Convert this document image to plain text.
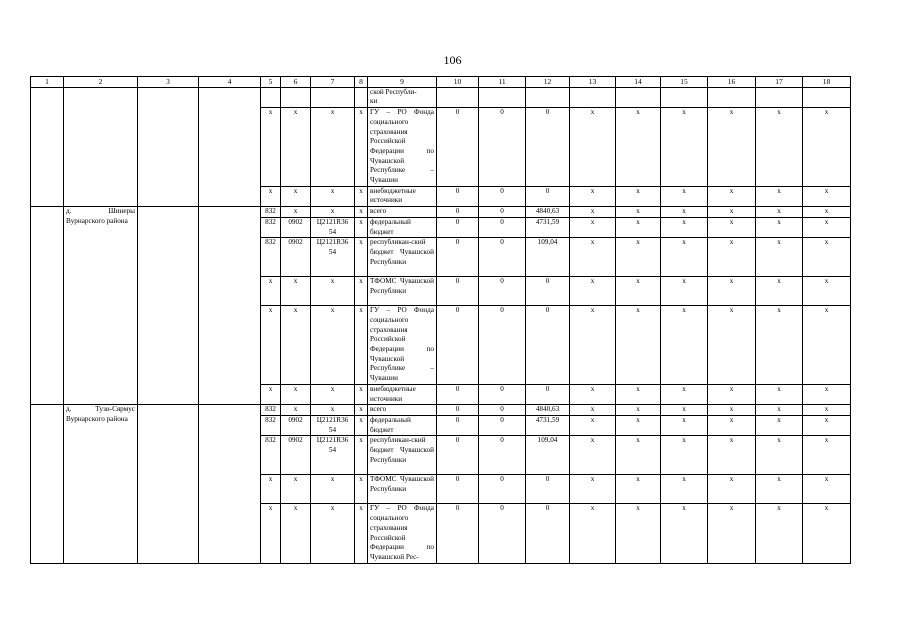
106
1	2	3	4	5	6	7	8	9	10	11	12	13	14	15	16	17	18
								ской Республи-
ки									
				x	x	x	x	ГУ – РО Фонда социального страхования Российской Федерации по Чувашской Республике – Чувашии	0	0	0	x	x	x	x	x	x
				x	x	x	x	внебюджетные источники	0	0	0	x	x	x	x	x	x
	д. Шинеры Вурнарского района			832	x	x	x	всего	0	0	4840,63	x	x	x	x	x	x
				832	0902	Ц2121R36
54	x	федеральный бюджет	0	0	4731,59	x	x	x	x	x	x
				832	0902	Ц2121R36
54	x	республикан-ский бюджет Чувашской Республики	0	0	109,04	x	x	x	x	x	x
				x	x	x	x	ТФОМС Чувашской Республики	0	0	0	x	x	x	x	x	x
				x	x	x	x	ГУ – РО Фонда социального страхования Российской Федерации по Чувашской Республике – Чувашии	0	0	0	x	x	x	x	x	x
				x	x	x	x	внебюджетные источники	0	0	0	x	x	x	x	x	x
	д. Тузи-Сярмус Вурнарского района			832	x	x	x	всего	0	0	4840,63	x	x	x	x	x	x
				832	0902	Ц2121R36
54	x	федеральный бюджет	0	0	4731,59	x	x	x	x	x	x
				832	0902	Ц2121R36
54	x	республикан-ский бюджет Чувашской Республики	0	0	109,04	x	x	x	x	x	x
				x	x	x	x	ТФОМС Чувашской Республики	0	0	0	x	x	x	x	x	x
				x	x	x	x	ГУ – РО Фонда социального страхования Российской Федерации по Чувашской Рес-	0	0	0	x	x	x	x	x	x
